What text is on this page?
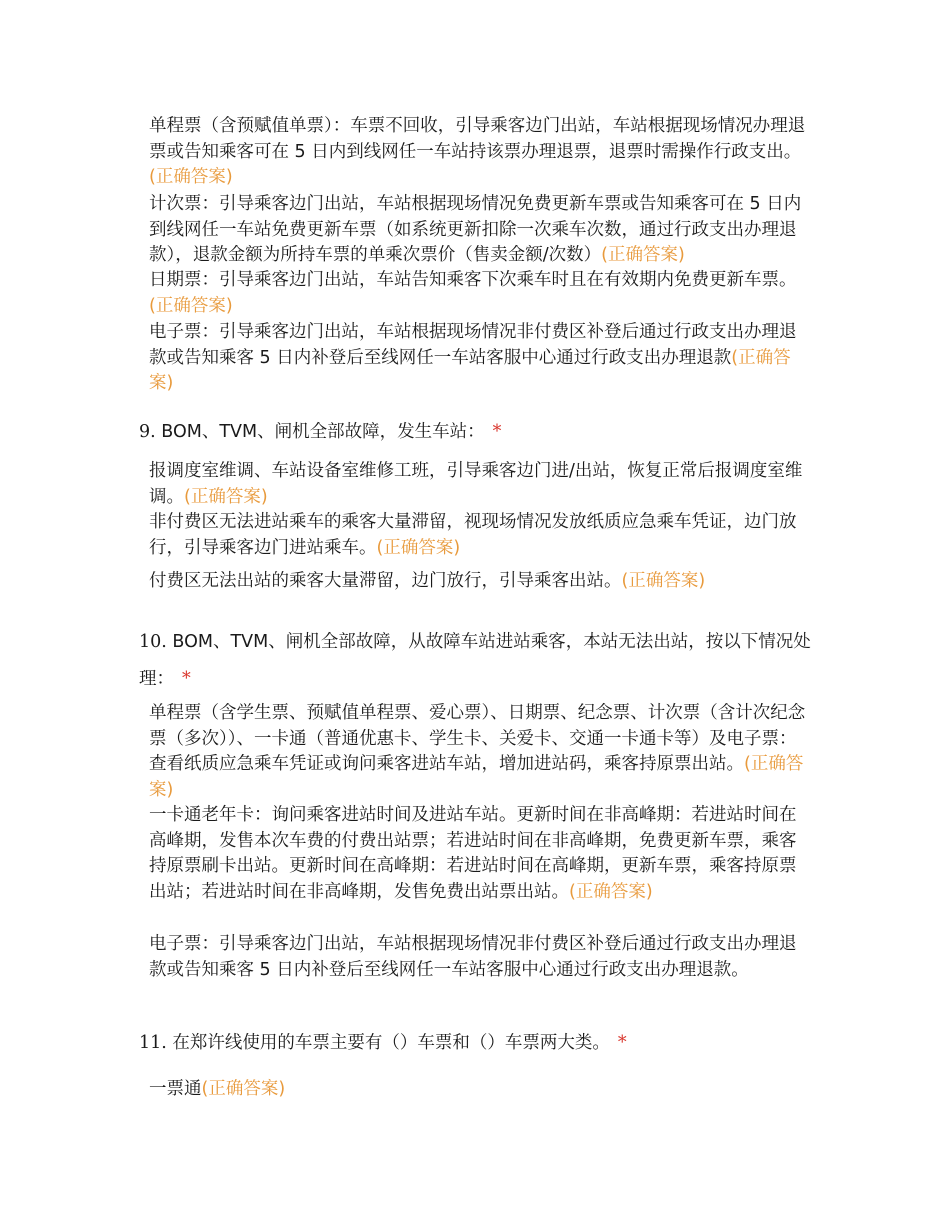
单程票（含预赋值单票）：车票不回收，引导乘客边门出站，车站根据现场情况办理退票或告知乘客可在 5 日内到线网任一车站持该票办理退票，退票时需操作行政支出。(正确答案)
计次票：引导乘客边门出站，车站根据现场情况免费更新车票或告知乘客可在 5 日内到线网任一车站免费更新车票（如系统更新扣除一次乘车次数，通过行政支出办理退款），退款金额为所持车票的单乘次票价（售卖金额/次数）(正确答案)
日期票：引导乘客边门出站，车站告知乘客下次乘车时且在有效期内免费更新车票。(正确答案)
电子票：引导乘客边门出站，车站根据现场情况非付费区补登后通过行政支出办理退款或告知乘客 5 日内补登后至线网任一车站客服中心通过行政支出办理退款(正确答案)
9. BOM、TVM、闸机全部故障，发生车站： *
报调度室维调、车站设备室维修工班，引导乘客边门进/出站，恢复正常后报调度室维调。(正确答案)
非付费区无法进站乘车的乘客大量滞留，视现场情况发放纸质应急乘车凭证，边门放行，引导乘客边门进站乘车。(正确答案)
付费区无法出站的乘客大量滞留，边门放行，引导乘客出站。(正确答案)
10. BOM、TVM、闸机全部故障，从故障车站进站乘客，本站无法出站，按以下情况处理： *
单程票（含学生票、预赋值单程票、爱心票）、日期票、纪念票、计次票（含计次纪念票（多次））、一卡通（普通优惠卡、学生卡、关爱卡、交通一卡通卡等）及电子票：查看纸质应急乘车凭证或询问乘客进站车站，增加进站码，乘客持原票出站。(正确答案)
一卡通老年卡：询问乘客进站时间及进站车站。更新时间在非高峰期：若进站时间在高峰期，发售本次车费的付费出站票；若进站时间在非高峰期，免费更新车票，乘客持原票刷卡出站。更新时间在高峰期：若进站时间在高峰期，更新车票，乘客持原票出站；若进站时间在非高峰期，发售免费出站票出站。(正确答案)
电子票：引导乘客边门出站，车站根据现场情况非付费区补登后通过行政支出办理退款或告知乘客 5 日内补登后至线网任一车站客服中心通过行政支出办理退款。
11. 在郑许线使用的车票主要有（）车票和（）车票两大类。 *
一票通(正确答案)
